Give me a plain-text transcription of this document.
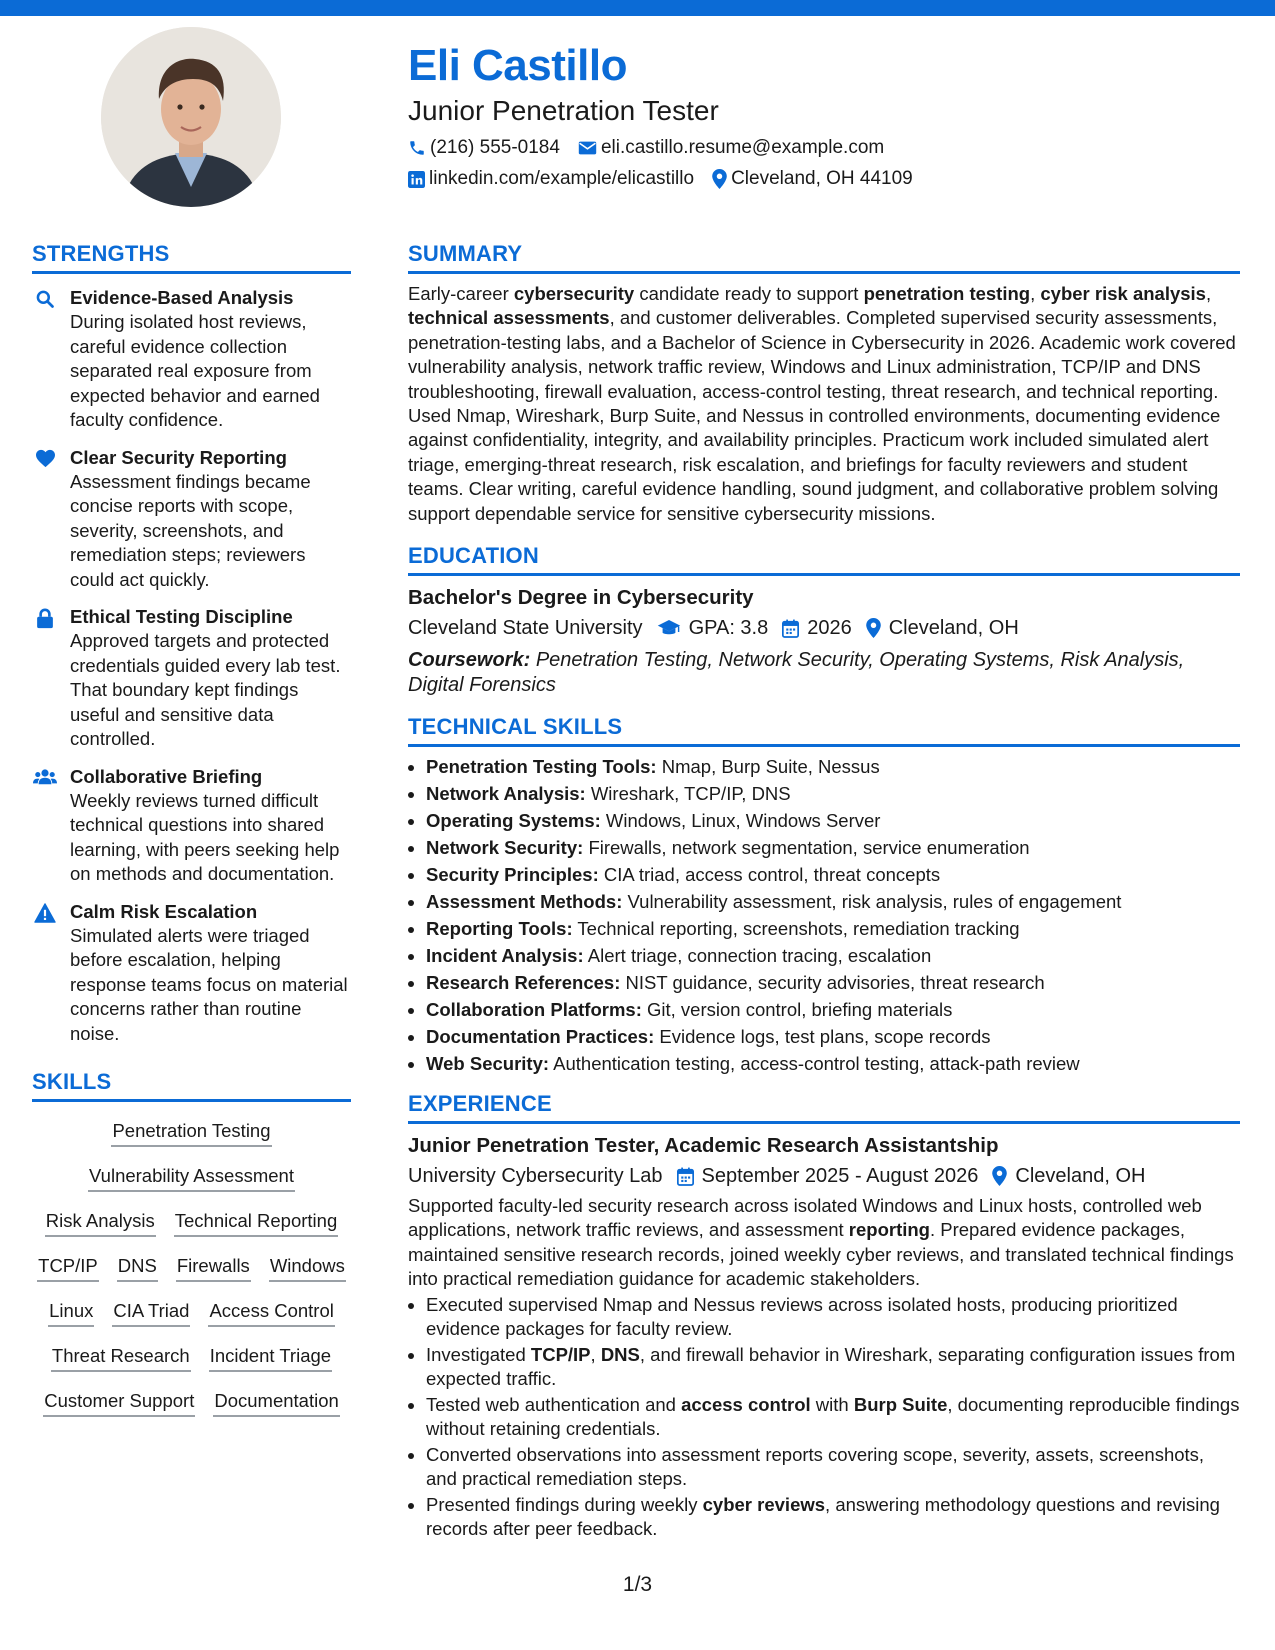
Eli Castillo
Junior Penetration Tester
(216) 555-0184 eli.castillo.resume@example.com
linkedin.com/example/elicastillo Cleveland, OH 44109
STRENGTHS
Evidence-Based Analysis
During isolated host reviews, careful evidence collection separated real exposure from expected behavior and earned faculty confidence.
Clear Security Reporting
Assessment findings became concise reports with scope, severity, screenshots, and remediation steps; reviewers could act quickly.
Ethical Testing Discipline
Approved targets and protected credentials guided every lab test. That boundary kept findings useful and sensitive data controlled.
Collaborative Briefing
Weekly reviews turned difficult technical questions into shared learning, with peers seeking help on methods and documentation.
Calm Risk Escalation
Simulated alerts were triaged before escalation, helping response teams focus on material concerns rather than routine noise.
SKILLS
Penetration Testing
Vulnerability Assessment
Risk Analysis Technical Reporting
TCP/IP DNS Firewalls Windows
Linux CIA Triad Access Control
Threat Research Incident Triage
Customer Support Documentation
SUMMARY
Early-career cybersecurity candidate ready to support penetration testing, cyber risk analysis, technical assessments, and customer deliverables. Completed supervised security assessments, penetration-testing labs, and a Bachelor of Science in Cybersecurity in 2026. Academic work covered vulnerability analysis, network traffic review, Windows and Linux administration, TCP/IP and DNS troubleshooting, firewall evaluation, access-control testing, threat research, and technical reporting. Used Nmap, Wireshark, Burp Suite, and Nessus in controlled environments, documenting evidence against confidentiality, integrity, and availability principles. Practicum work included simulated alert triage, emerging-threat research, risk escalation, and briefings for faculty reviewers and student teams. Clear writing, careful evidence handling, sound judgment, and collaborative problem solving support dependable service for sensitive cybersecurity missions.
EDUCATION
Bachelor's Degree in Cybersecurity
Cleveland State University GPA: 3.8 2026 Cleveland, OH
Coursework: Penetration Testing, Network Security, Operating Systems, Risk Analysis, Digital Forensics
TECHNICAL SKILLS
• Penetration Testing Tools: Nmap, Burp Suite, Nessus
• Network Analysis: Wireshark, TCP/IP, DNS
• Operating Systems: Windows, Linux, Windows Server
• Network Security: Firewalls, network segmentation, service enumeration
• Security Principles: CIA triad, access control, threat concepts
• Assessment Methods: Vulnerability assessment, risk analysis, rules of engagement
• Reporting Tools: Technical reporting, screenshots, remediation tracking
• Incident Analysis: Alert triage, connection tracing, escalation
• Research References: NIST guidance, security advisories, threat research
• Collaboration Platforms: Git, version control, briefing materials
• Documentation Practices: Evidence logs, test plans, scope records
• Web Security: Authentication testing, access-control testing, attack-path review
EXPERIENCE
Junior Penetration Tester, Academic Research Assistantship
University Cybersecurity Lab September 2025 - August 2026 Cleveland, OH
Supported faculty-led security research across isolated Windows and Linux hosts, controlled web applications, network traffic reviews, and assessment reporting. Prepared evidence packages, maintained sensitive research records, joined weekly cyber reviews, and translated technical findings into practical remediation guidance for academic stakeholders.
• Executed supervised Nmap and Nessus reviews across isolated hosts, producing prioritized evidence packages for faculty review.
• Investigated TCP/IP, DNS, and firewall behavior in Wireshark, separating configuration issues from expected traffic.
• Tested web authentication and access control with Burp Suite, documenting reproducible findings without retaining credentials.
• Converted observations into assessment reports covering scope, severity, assets, screenshots, and practical remediation steps.
• Presented findings during weekly cyber reviews, answering methodology questions and revising records after peer feedback.
1/3
